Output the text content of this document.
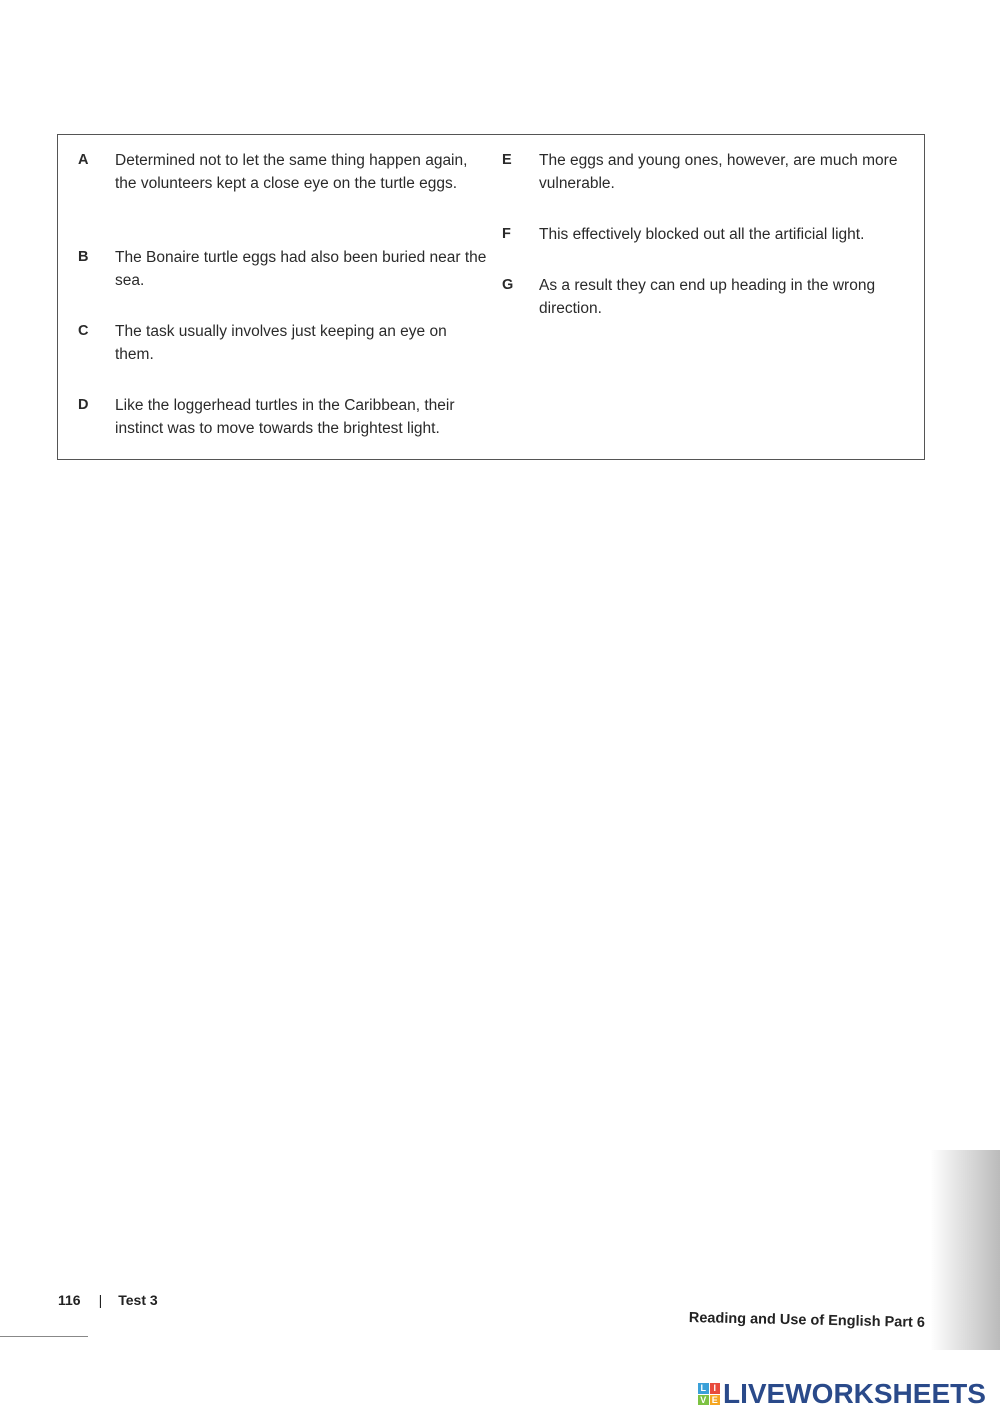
A Determined not to let the same thing happen again, the volunteers kept a close eye on the turtle eggs.
B The Bonaire turtle eggs had also been buried near the sea.
C The task usually involves just keeping an eye on them.
D Like the loggerhead turtles in the Caribbean, their instinct was to move towards the brightest light.
E The eggs and young ones, however, are much more vulnerable.
F This effectively blocked out all the artificial light.
G As a result they can end up heading in the wrong direction.
116 | Test 3
Reading and Use of English Part 6
L I
V E LIVEWORKSHEETS
